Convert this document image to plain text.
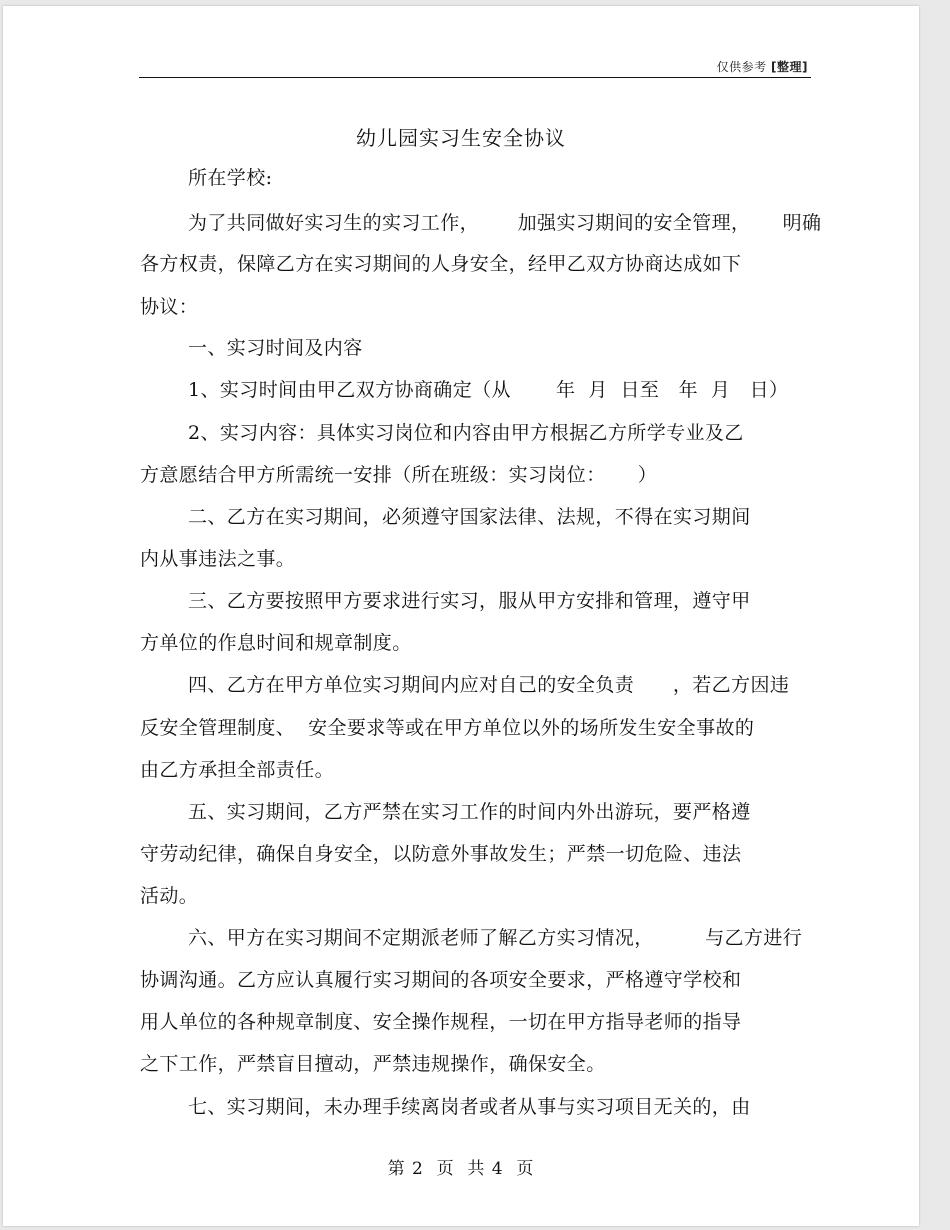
仅供参考 [整理]
幼儿园实习生安全协议
所在学校:
为了共同做好实习生的实习工作，      加强实习期间的安全管理，     明确
各方权责，保障乙方在实习期间的人身安全，经甲乙双方协商达成如下
协议：
一、实习时间及内容
1、实习时间由甲乙双方协商确定（从       年  月  日至   年  月   日）
2、实习内容：具体实习岗位和内容由甲方根据乙方所学专业及乙
方意愿结合甲方所需统一安排（所在班级：实习岗位：     ）
二、乙方在实习期间，必须遵守国家法律、法规，不得在实习期间
内从事违法之事。
三、乙方要按照甲方要求进行实习，服从甲方安排和管理，遵守甲
方单位的作息时间和规章制度。
四、乙方在甲方单位实习期间内应对自己的安全负责      ，若乙方因违
反安全管理制度、  安全要求等或在甲方单位以外的场所发生安全事故的
由乙方承担全部责任。
五、实习期间，乙方严禁在实习工作的时间内外出游玩，要严格遵
守劳动纪律，确保自身安全，以防意外事故发生；严禁一切危险、违法
活动。
六、甲方在实习期间不定期派老师了解乙方实习情况，        与乙方进行
协调沟通。乙方应认真履行实习期间的各项安全要求，严格遵守学校和
用人单位的各种规章制度、安全操作规程，一切在甲方指导老师的指导
之下工作，严禁盲目擅动，严禁违规操作，确保安全。
七、实习期间，未办理手续离岗者或者从事与实习项目无关的，由
第 2  页  共 4  页
